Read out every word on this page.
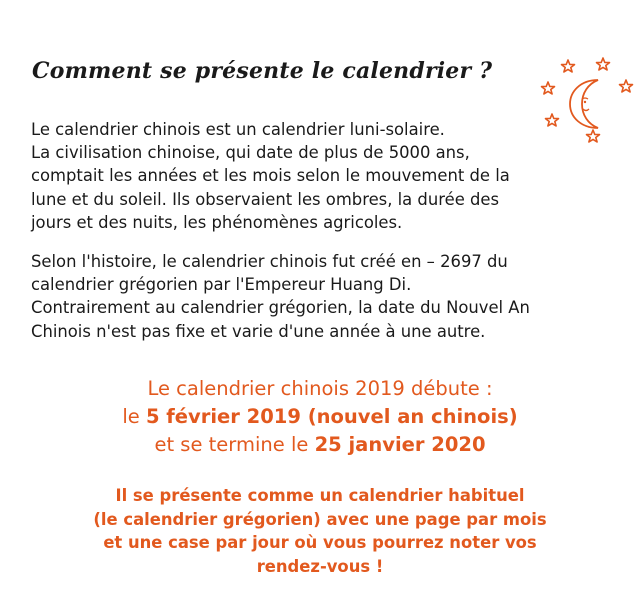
Comment se présente le calendrier ?

Le calendrier chinois est un calendrier luni-solaire.
La civilisation chinoise, qui date de plus de 5000 ans,
comptait les années et les mois selon le mouvement de la
lune et du soleil. Ils observaient les ombres, la durée des
jours et des nuits, les phénomènes agricoles.

Selon l'histoire, le calendrier chinois fut créé en – 2697 du
calendrier grégorien par l'Empereur Huang Di.
Contrairement au calendrier grégorien, la date du Nouvel An
Chinois n'est pas fixe et varie d'une année à une autre.

Le calendrier chinois 2019 débute :
le 5 février 2019 (nouvel an chinois)
et se termine le 25 janvier 2020

Il se présente comme un calendrier habituel
(le calendrier grégorien) avec une page par mois
et une case par jour où vous pourrez noter vos
rendez-vous !
